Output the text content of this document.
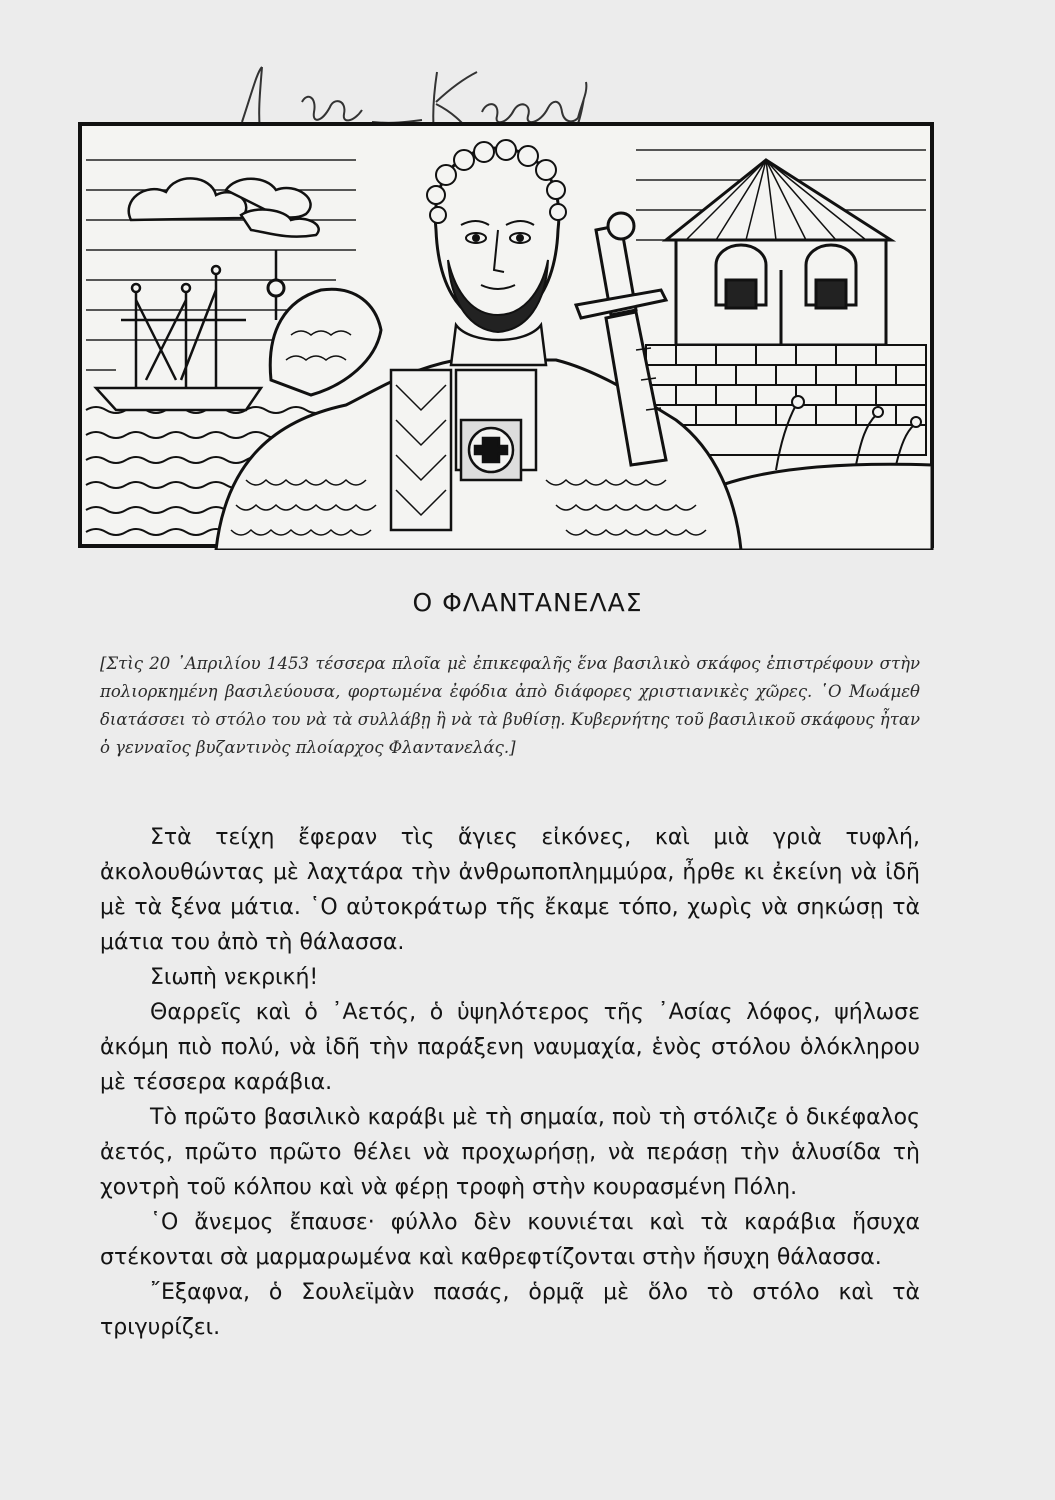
Ο ΦΛΑΝΤΑΝΕΛΑΣ
[Στὶς 20 ᾿Απριλίου 1453 τέσσερα πλοῖα μὲ ἐπικεφαλῆς ἕνα βασιλικὸ σκάφος ἐπιστρέφουν στὴν πολιορκημένη βασιλεύουσα, φορτωμένα ἐφόδια ἀπὸ διάφορες χριστιανικὲς χῶρες. ῾Ο Μωάμεθ διατάσσει τὸ στόλο του νὰ τὰ συλλάβῃ ἢ νὰ τὰ βυθίσῃ. Κυβερνήτης τοῦ βασιλικοῦ σκάφους ἦταν ὁ γενναῖος βυζαντινὸς πλοίαρχος Φλαντανελάς.]

Στὰ τείχη ἔφεραν τὶς ἅγιες εἰκόνες, καὶ μιὰ γριὰ τυφλή, ἀκολουθώντας μὲ λαχτάρα τὴν ἀνθρωποπλημμύρα, ἦρθε κι ἐκείνη νὰ ἰδῆ μὲ τὰ ξένα μάτια. ῾Ο αὐτοκράτωρ τῆς ἔκαμε τόπο, χωρὶς νὰ σηκώσῃ τὰ μάτια του ἀπὸ τὴ θάλασσα.

Σιωπὴ νεκρική!

Θαρρεῖς καὶ ὁ ᾿Αετός, ὁ ὑψηλότερος τῆς ᾿Ασίας λόφος, ψήλωσε ἀκόμη πιὸ πολύ, νὰ ἰδῆ τὴν παράξενη ναυμαχία, ἑνὸς στόλου ὁλόκληρου μὲ τέσσερα καράβια.

Τὸ πρῶτο βασιλικὸ καράβι μὲ τὴ σημαία, ποὺ τὴ στόλιζε ὁ δικέφαλος ἀετός, πρῶτο πρῶτο θέλει νὰ προχωρήσῃ, νὰ περάσῃ τὴν ἁλυσίδα τὴ χοντρὴ τοῦ κόλπου καὶ νὰ φέρῃ τροφὴ στὴν κουρασμένη Πόλη.

῾Ο ἄνεμος ἔπαυσε· φύλλο δὲν κουνιέται καὶ τὰ καράβια ἥσυχα στέκονται σὰ μαρμαρωμένα καὶ καθρεφτίζονται στὴν ἥσυχη θάλασσα.

῎Εξαφνα, ὁ Σουλεϊμὰν πασάς, ὁρμᾷ μὲ ὅλο τὸ στόλο καὶ τὰ τριγυρίζει.
